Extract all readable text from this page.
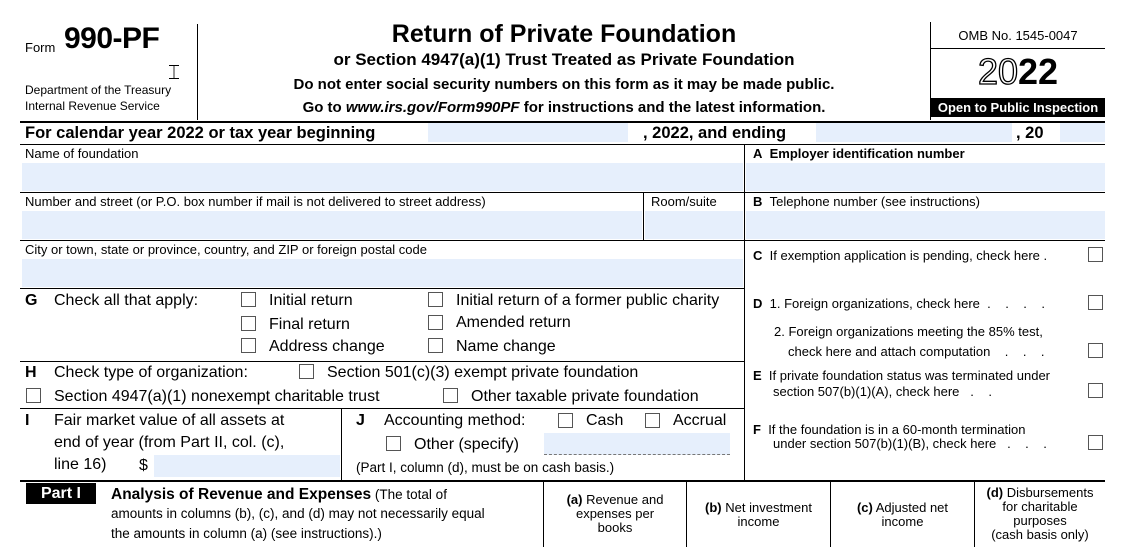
Form 990-PF
⌶
Department of the Treasury
Internal Revenue Service
Return of Private Foundation
or Section 4947(a)(1) Trust Treated as Private Foundation
Do not enter social security numbers on this form as it may be made public.
Go to www.irs.gov/Form990PF for instructions and the latest information.
OMB No. 1545-0047
2022
Open to Public Inspection
For calendar year 2022 or tax year beginning	, 2022, and ending	, 20
Name of foundation
Number and street (or P.O. box number if mail is not delivered to street address)	Room/suite
City or town, state or province, country, and ZIP or foreign postal code
A Employer identification number
B Telephone number (see instructions)
C If exemption application is pending, check here .
D 1. Foreign organizations, check here  .    .    .    .
2. Foreign organizations meeting the 85% test,
check here and attach computation    .    .    .
E If private foundation status was terminated under
section 507(b)(1)(A), check here   .    .
F If the foundation is in a 60-month termination
under section 507(b)(1)(B), check here   .    .    .
G Check all that apply:	Initial return	Initial return of a former public charity
Final return	Amended return
Address change	Name change
H Check type of organization:	Section 501(c)(3) exempt private foundation
Section 4947(a)(1) nonexempt charitable trust	Other taxable private foundation
I Fair market value of all assets at
end of year (from Part II, col. (c),
line 16) $
J Accounting method:	Cash	Accrual
Other (specify)
(Part I, column (d), must be on cash basis.)
Part I	Analysis of Revenue and Expenses (The total of
amounts in columns (b), (c), and (d) may not necessarily equal
the amounts in column (a) (see instructions).)
(a) Revenue and
expenses per
books
(b) Net investment
income
(c) Adjusted net
income
(d) Disbursements
for charitable
purposes
(cash basis only)
